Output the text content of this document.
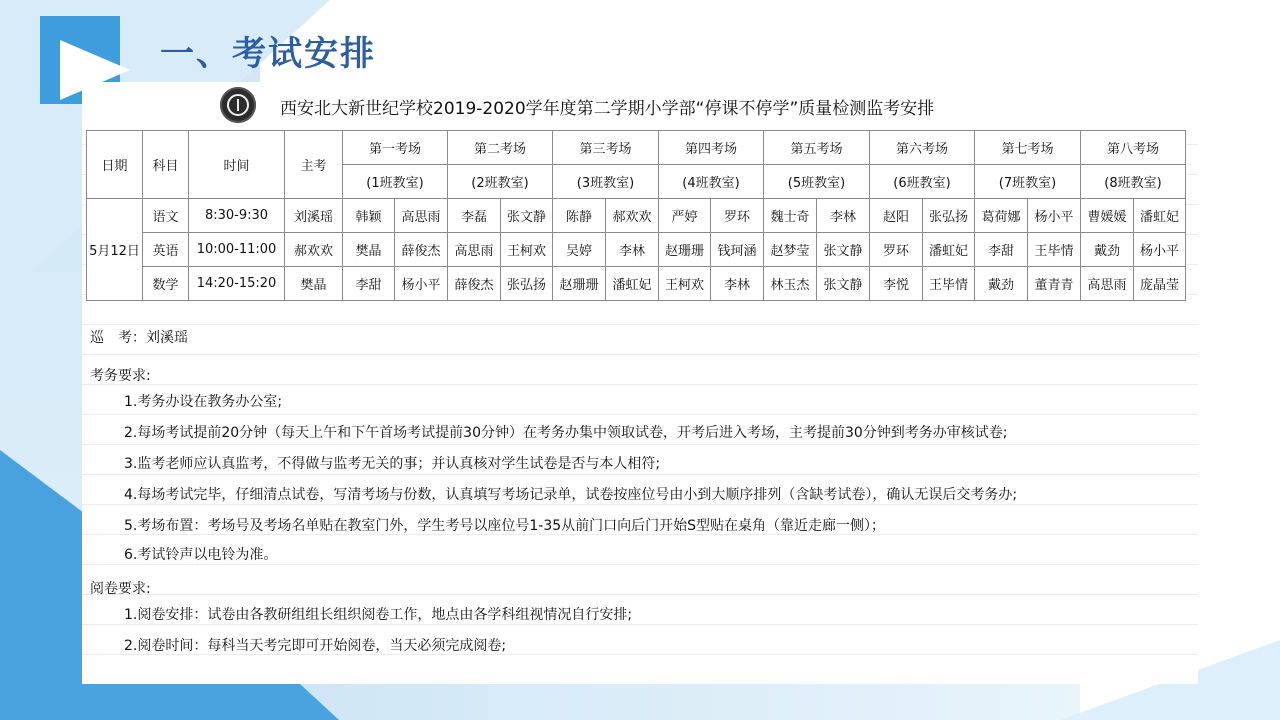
一、考试安排
西安北大新世纪学校2019-2020学年度第二学期小学部“停课不停学”质量检测监考安排
日期	科目	时间	主考	第一考场		第二考场		第三考场		第四考场		第五考场		第六考场		第七考场		第八考场	
				(1班教室)		(2班教室)		(3班教室)		(4班教室)		(5班教室)		(6班教室)		(7班教室)		(8班教室)	
5月12日	语文	8:30-9:30	刘溪瑶	韩颖	高思雨	李磊	张文静	陈静	郝欢欢	严婷	罗环	魏士奇	李林	赵阳	张弘扬	葛荷娜	杨小平	曹媛媛	潘虹妃
	英语	10:00-11:00	郝欢欢	樊晶	薛俊杰	高思雨	王柯欢	吴婷	李林	赵珊珊	钱珂涵	赵梦莹	张文静	罗环	潘虹妃	李甜	王毕情	戴劲	杨小平
	数学	14:20-15:20	樊晶	李甜	杨小平	薛俊杰	张弘扬	赵珊珊	潘虹妃	王柯欢	李林	林玉杰	张文静	李悦	王毕情	戴劲	董青青	高思雨	庞晶莹
巡　考：刘溪瑶
考务要求:
1.考务办设在教务办公室;
2.每场考试提前20分钟（每天上午和下午首场考试提前30分钟）在考务办集中领取试卷，开考后进入考场，主考提前30分钟到考务办审核试卷;
3.监考老师应认真监考，不得做与监考无关的事；并认真核对学生试卷是否与本人相符;
4.每场考试完毕，仔细清点试卷，写清考场与份数，认真填写考场记录单，试卷按座位号由小到大顺序排列（含缺考试卷），确认无误后交考务办;
5.考场布置：考场号及考场名单贴在教室门外，学生考号以座位号1-35从前门口向后门开始S型贴在桌角（靠近走廊一侧）；
6.考试铃声以电铃为准。
阅卷要求:
1.阅卷安排：试卷由各教研组组长组织阅卷工作，地点由各学科组视情况自行安排;
2.阅卷时间：每科当天考完即可开始阅卷，当天必须完成阅卷;
